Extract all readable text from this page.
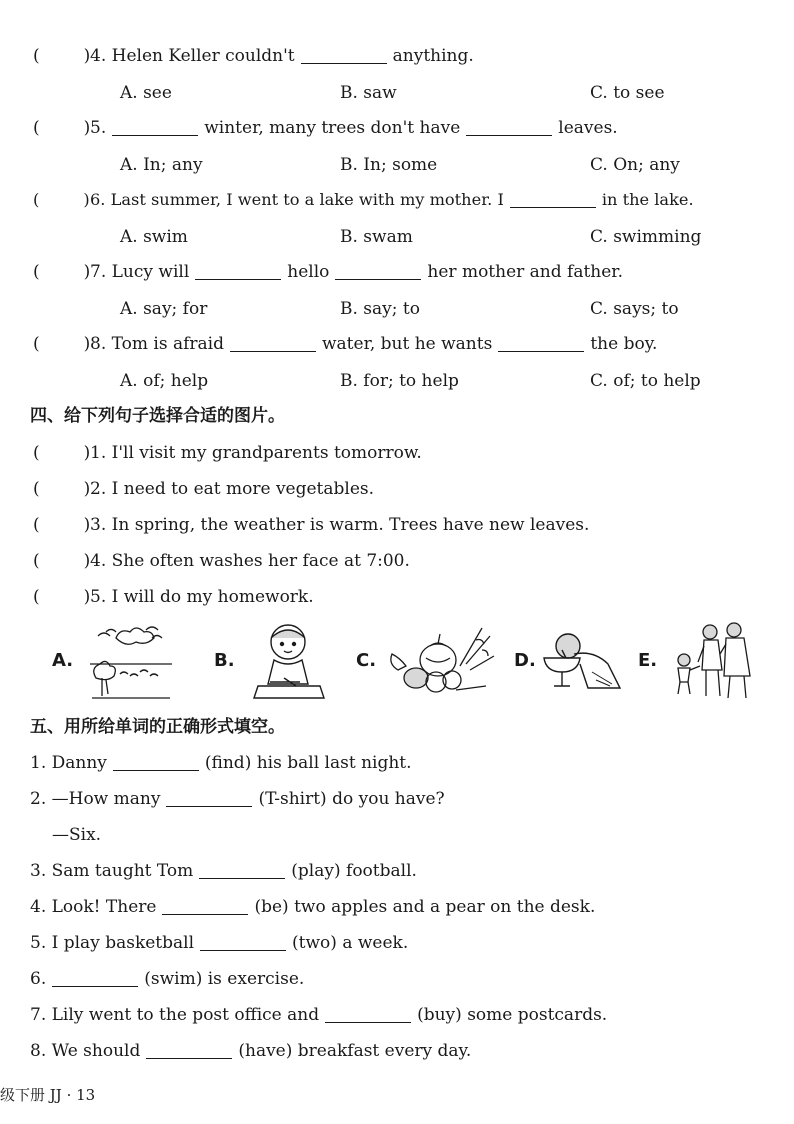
(	) 4. Helen Keller couldn't	anything.
A. see	B. saw	C. to see
(	) 5.	winter, many trees don't have	leaves.
A. In; any	B. In; some	C. On; any
(	) 6. Last summer, I went to a lake with my mother. I	in the lake.
A. swim	B. swam	C. swimming
(	) 7. Lucy will	hello	her mother and father.
A. say; for	B. say; to	C. says; to
(	) 8. Tom is afraid	water, but he wants	the boy.
A. of; help	B. for; to help	C. of; to help
四、给下列句子选择合适的图片。
(	) 1. I'll visit my grandparents tomorrow.
(	) 2. I need to eat more vegetables.
(	) 3. In spring, the weather is warm. Trees have new leaves.
(	) 4. She often washes her face at 7:00.
(	) 5. I will do my homework.
A.	B.	C.	D.	E.
五、用所给单词的正确形式填空。
1. Danny	(find) his ball last night.
2. —How many	(T-shirt) do you have?
—Six.
3. Sam taught Tom	(play) football.
4. Look! There	(be) two apples and a pear on the desk.
5. I play basketball	(two) a week.
6.	(swim) is exercise.
7. Lily went to the post office and	(buy) some postcards.
8. We should	(have) breakfast every day.
级下册 JJ · 13
